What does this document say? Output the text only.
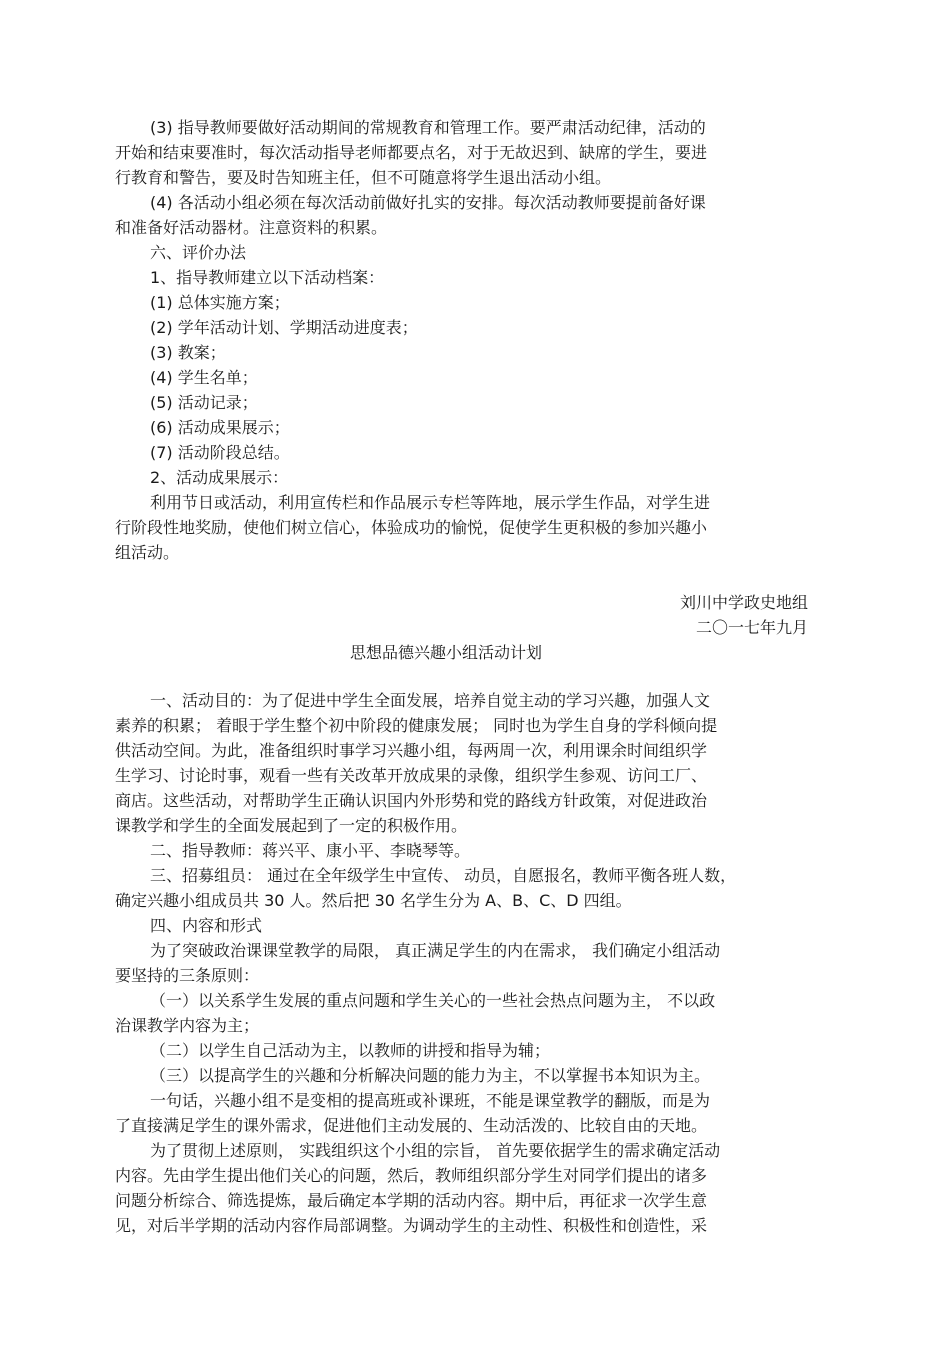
(3) 指导教师要做好活动期间的常规教育和管理工作。要严肃活动纪律，活动的
开始和结束要准时，每次活动指导老师都要点名，对于无故迟到、缺席的学生，要进
行教育和警告，要及时告知班主任，但不可随意将学生退出活动小组。
(4) 各活动小组必须在每次活动前做好扎实的安排。每次活动教师要提前备好课
和准备好活动器材。注意资料的积累。
六、评价办法
1、指导教师建立以下活动档案：
(1) 总体实施方案；
(2) 学年活动计划、学期活动进度表；
(3) 教案；
(4) 学生名单；
(5) 活动记录；
(6) 活动成果展示；
(7) 活动阶段总结。
2、活动成果展示：
利用节日或活动，利用宣传栏和作品展示专栏等阵地，展示学生作品，对学生进
行阶段性地奖励，使他们树立信心，体验成功的愉悦，促使学生更积极的参加兴趣小
组活动。
刘川中学政史地组
二〇一七年九月
思想品德兴趣小组活动计划
一、活动目的：为了促进中学生全面发展，培养自觉主动的学习兴趣，加强人文
素养的积累； 着眼于学生整个初中阶段的健康发展； 同时也为学生自身的学科倾向提
供活动空间。为此，准备组织时事学习兴趣小组，每两周一次，利用课余时间组织学
生学习、讨论时事，观看一些有关改革开放成果的录像，组织学生参观、访问工厂、
商店。这些活动，对帮助学生正确认识国内外形势和党的路线方针政策，对促进政治
课教学和学生的全面发展起到了一定的积极作用。
二、指导教师：蒋兴平、康小平、李晓琴等。
三、招募组员： 通过在全年级学生中宣传、 动员，自愿报名，教师平衡各班人数，
确定兴趣小组成员共 30 人。然后把 30 名学生分为 A、B、C、D 四组。
四、内容和形式
为了突破政治课课堂教学的局限， 真正满足学生的内在需求， 我们确定小组活动
要坚持的三条原则：
（一）以关系学生发展的重点问题和学生关心的一些社会热点问题为主， 不以政
治课教学内容为主；
（二）以学生自己活动为主，以教师的讲授和指导为辅；
（三）以提高学生的兴趣和分析解决问题的能力为主，不以掌握书本知识为主。
一句话，兴趣小组不是变相的提高班或补课班，不能是课堂教学的翻版，而是为
了直接满足学生的课外需求，促进他们主动发展的、生动活泼的、比较自由的天地。
为了贯彻上述原则， 实践组织这个小组的宗旨， 首先要依据学生的需求确定活动
内容。先由学生提出他们关心的问题，然后，教师组织部分学生对同学们提出的诸多
问题分析综合、筛选提炼，最后确定本学期的活动内容。期中后，再征求一次学生意
见，对后半学期的活动内容作局部调整。为调动学生的主动性、积极性和创造性，采
